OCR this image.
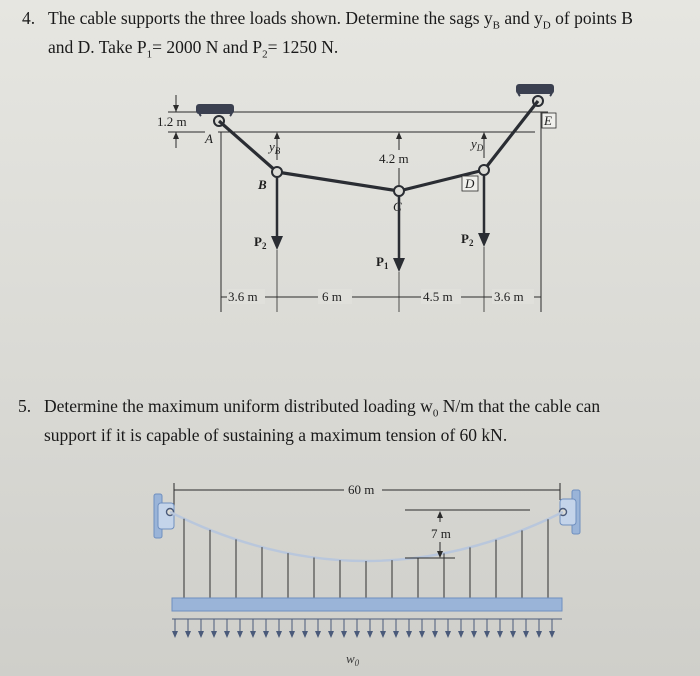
4. The cable supports the three loads shown. Determine the sags $y_B$ and $y_D$ of points B
and D. Take $P_1= 2000$ N and $P_2= 1250$ N.
5. Determine the maximum uniform distributed loading $w_0$ N/m that the cable can
support if it is capable of sustaining a maximum tension of 60 kN.
1.2 m
A
E
B
C
D
$y_B$	4.2 m
$y_D$
$P_2$
$P_1$
$P_2$
3.6 m	6 m	4.5 m	3.6 m
60 m
7 m
$w_0$
